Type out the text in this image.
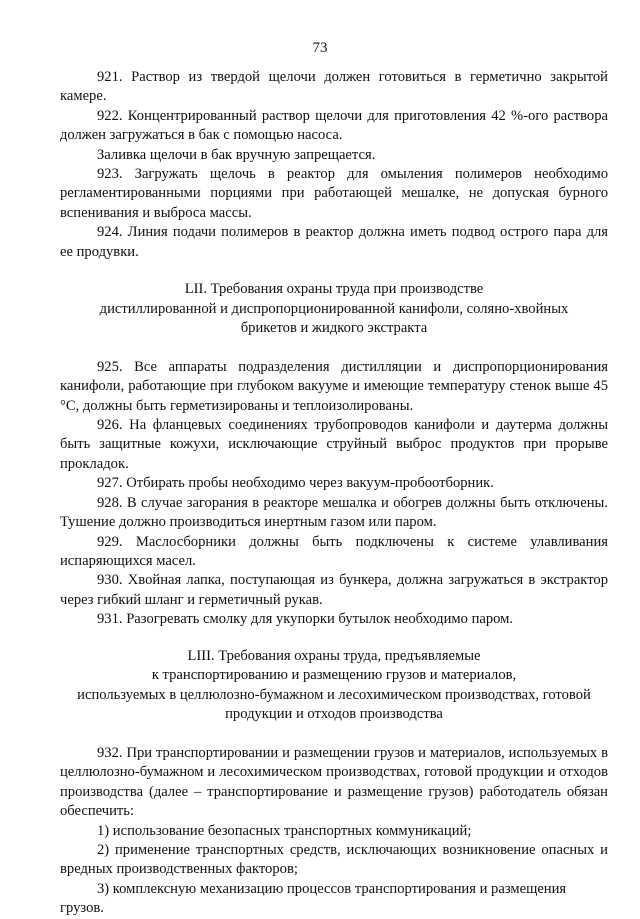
73

921. Раствор из твердой щелочи должен готовиться в герметично закрытой камере.

922. Концентрированный раствор щелочи для приготовления 42 %-ого раствора должен загружаться в бак с помощью насоса.

Заливка щелочи в бак вручную запрещается.

923. Загружать щелочь в реактор для омыления полимеров необходимо регламентированными порциями при работающей мешалке, не допуская бурного вспенивания и выброса массы.

924. Линия подачи полимеров в реактор должна иметь подвод острого пара для ее продувки.

LII. Требования охраны труда при производстве
дистиллированной и диспропорционированной канифоли, соляно-хвойных
брикетов и жидкого экстракта

925. Все аппараты подразделения дистилляции и диспропорционирования канифоли, работающие при глубоком вакууме и имеющие температуру стенок выше 45 °С, должны быть герметизированы и теплоизолированы.

926. На фланцевых соединениях трубопроводов канифоли и даутерма должны быть защитные кожухи, исключающие струйный выброс продуктов при прорыве прокладок.

927. Отбирать пробы необходимо через вакуум-пробоотборник.

928. В случае загорания в реакторе мешалка и обогрев должны быть отключены. Тушение должно производиться инертным газом или паром.

929. Маслосборники должны быть подключены к системе улавливания испаряющихся масел.

930. Хвойная лапка, поступающая из бункера, должна загружаться в экстрактор через гибкий шланг и герметичный рукав.

931. Разогревать смолку для укупорки бутылок необходимо паром.

LIII. Требования охраны труда, предъявляемые
к транспортированию и размещению грузов и материалов,
используемых в целлюлозно-бумажном и лесохимическом производствах, готовой
продукции и отходов производства

932. При транспортировании и размещении грузов и материалов, используемых в целлюлозно-бумажном и лесохимическом производствах, готовой продукции и отходов производства (далее – транспортирование и размещение грузов) работодатель обязан обеспечить:

1) использование безопасных транспортных коммуникаций;

2) применение транспортных средств, исключающих возникновение опасных и вредных производственных факторов;

3) комплексную механизацию процессов транспортирования и размещения грузов.
